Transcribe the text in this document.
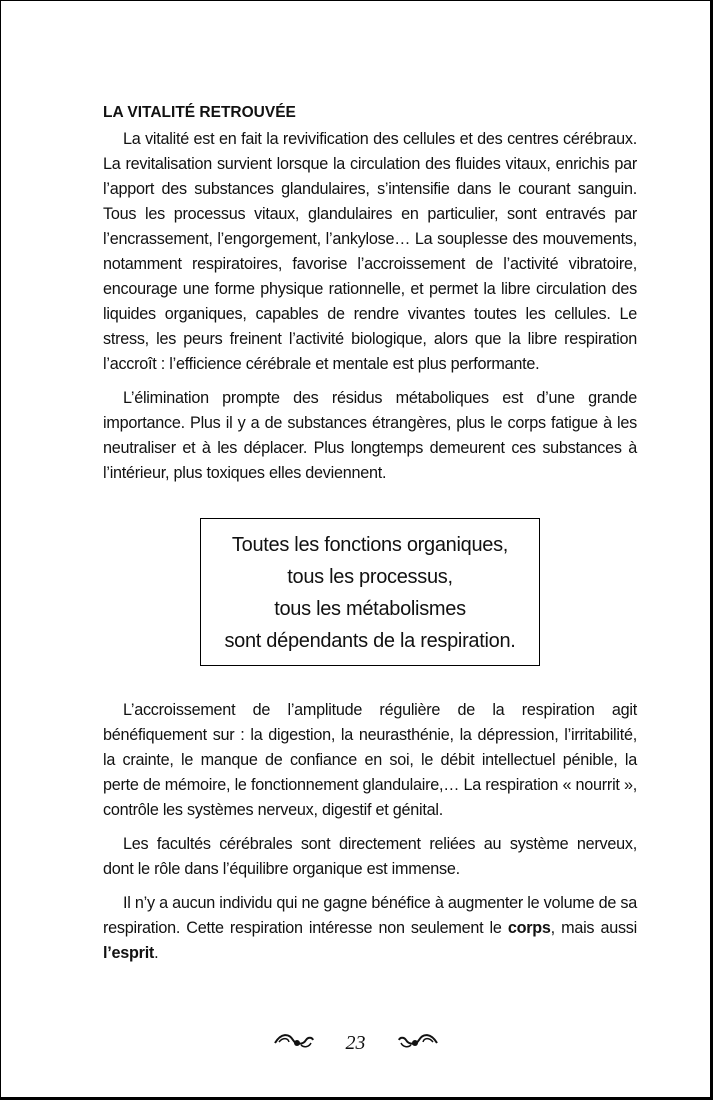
LA VITALITÉ RETROUVÉE

La vitalité est en fait la revivification des cellules et des centres cérébraux. La revitalisation survient lorsque la circulation des fluides vitaux, enrichis par l’apport des substances glandulaires, s’intensifie dans le courant sanguin. Tous les processus vitaux, glandulaires en particulier, sont entravés par l’encrassement, l’engorgement, l’ankylose… La souplesse des mouvements, notamment respiratoires, favorise l’accroissement de l’activité vibratoire, encourage une forme physique rationnelle, et permet la libre circulation des liquides organiques, capables de rendre vivantes toutes les cellules. Le stress, les peurs freinent l’activité biologique, alors que la libre respiration l’accroît : l’efficience cérébrale et mentale est plus performante.

L’élimination prompte des résidus métaboliques est d’une grande importance. Plus il y a de substances étrangères, plus le corps fatigue à les neutraliser et à les déplacer. Plus longtemps demeurent ces substances à l’intérieur, plus toxiques elles deviennent.

Toutes les fonctions organiques,
tous les processus,
tous les métabolismes
sont dépendants de la respiration.

L’accroissement de l’amplitude régulière de la respiration agit bénéfiquement sur : la digestion, la neurasthénie, la dépression, l’irritabilité, la crainte, le manque de confiance en soi, le débit intellectuel pénible, la perte de mémoire, le fonctionnement glandulaire,… La respiration « nourrit », contrôle les systèmes nerveux, digestif et génital.

Les facultés cérébrales sont directement reliées au système nerveux, dont le rôle dans l’équilibre organique est immense.

Il n’y a aucun individu qui ne gagne bénéfice à augmenter le volume de sa respiration. Cette respiration intéresse non seulement le corps, mais aussi l’esprit.

23
